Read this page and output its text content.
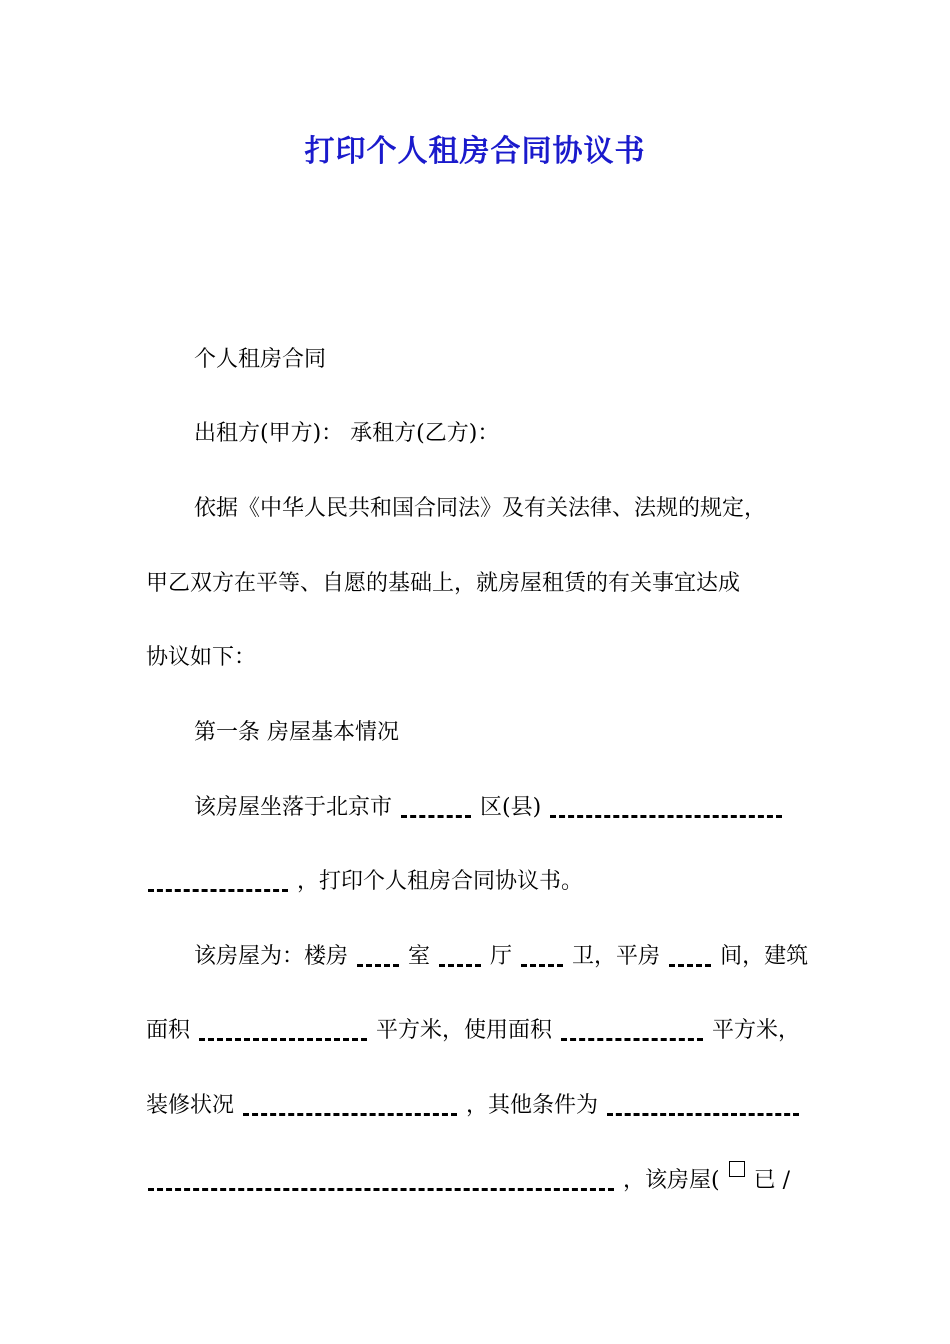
打印个人租房合同协议书
个人租房合同
出租方(甲方)： 承租方(乙方)：
依据《中华人民共和国合同法》及有关法律、法规的规定，
甲乙双方在平等、自愿的基础上，就房屋租赁的有关事宜达成
协议如下：
第一条 房屋基本情况
该房屋坐落于北京市	区(县)
，打印个人租房合同协议书。
该房屋为：楼房	室	厅	卫，平房	间，建筑
面积	平方米，使用面积	平方米，
装修状况	，其他条件为
，该房屋( 已 /
